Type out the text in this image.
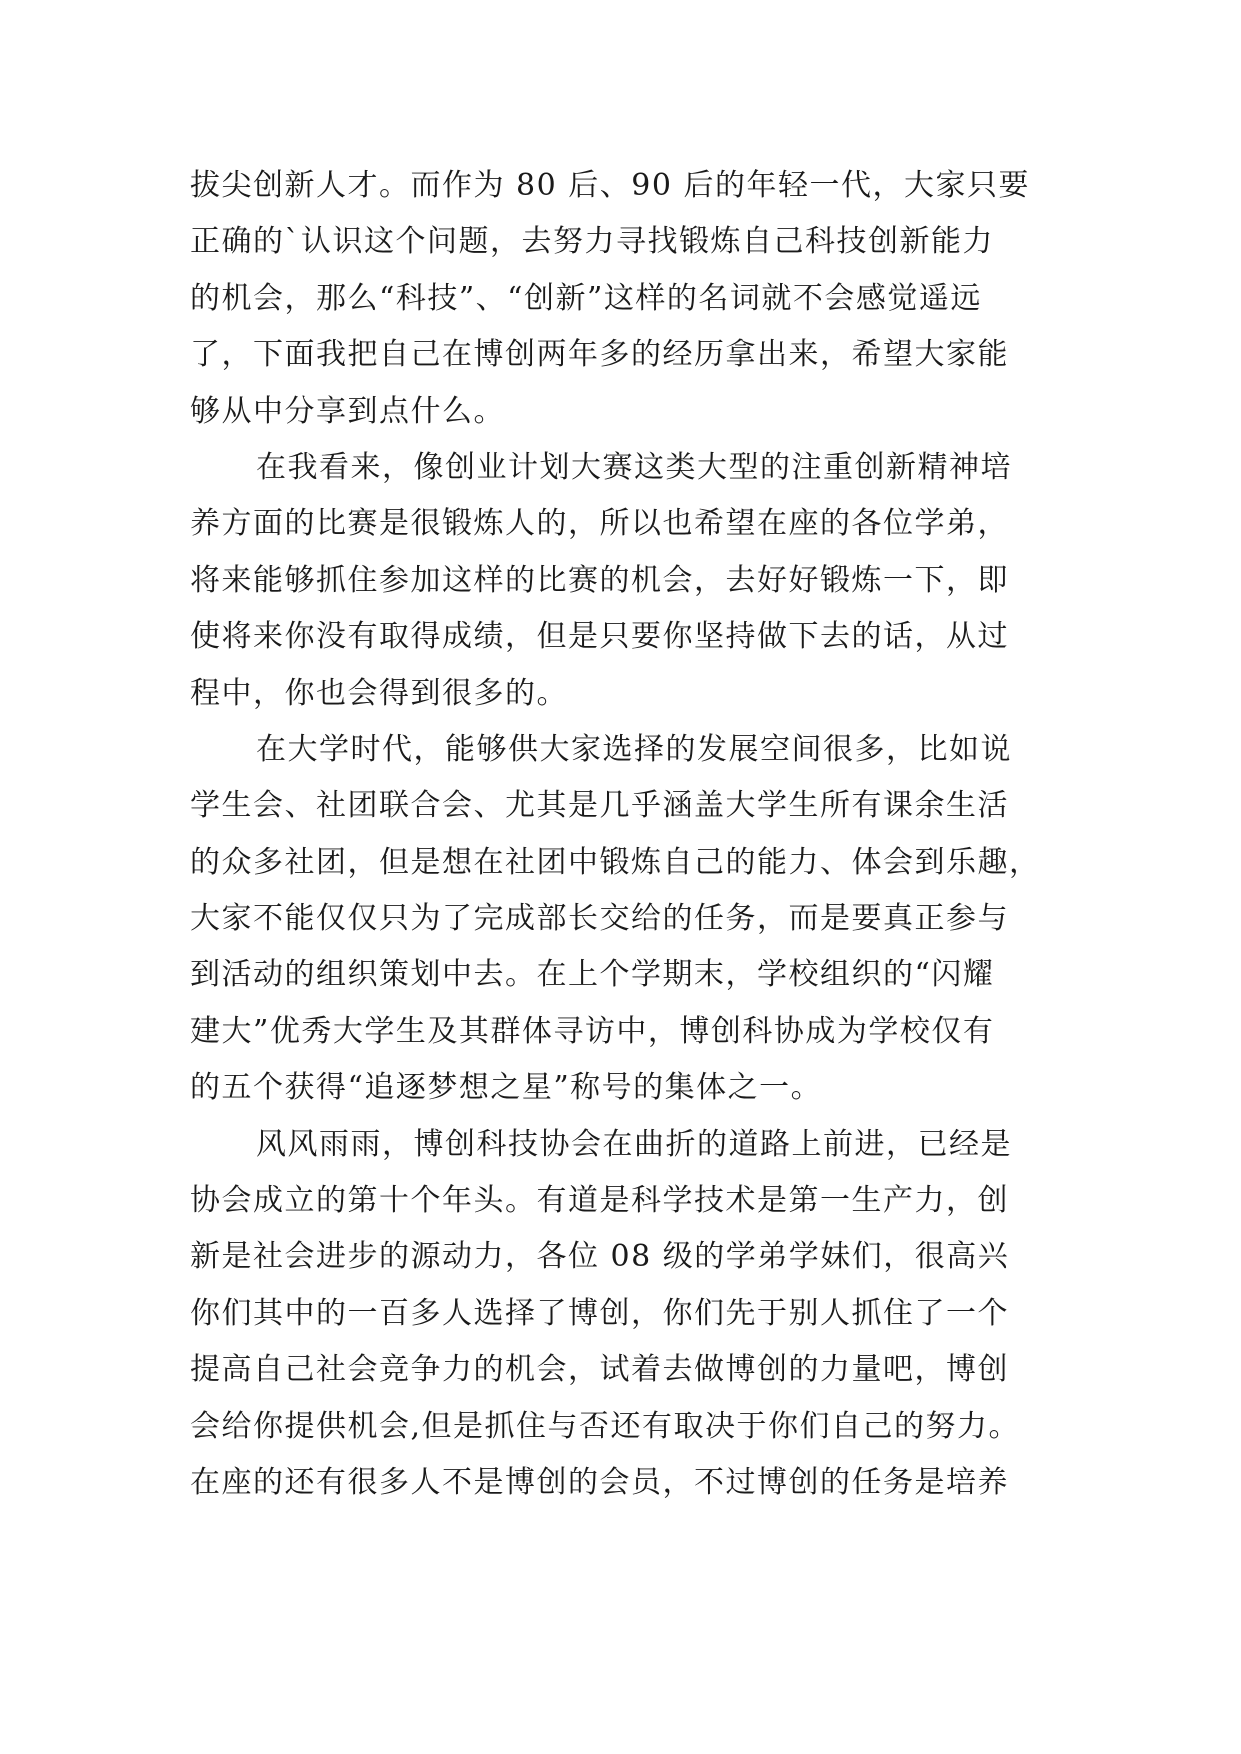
拔尖创新人才。而作为 80 后、90 后的年轻一代，大家只要
正确的`认识这个问题，去努力寻找锻炼自己科技创新能力
的机会，那么“科技”、“创新”这样的名词就不会感觉遥远
了，下面我把自己在博创两年多的经历拿出来，希望大家能
够从中分享到点什么。
在我看来，像创业计划大赛这类大型的注重创新精神培
养方面的比赛是很锻炼人的，所以也希望在座的各位学弟，
将来能够抓住参加这样的比赛的机会，去好好锻炼一下，即
使将来你没有取得成绩，但是只要你坚持做下去的话，从过
程中，你也会得到很多的。
在大学时代，能够供大家选择的发展空间很多，比如说
学生会、社团联合会、尤其是几乎涵盖大学生所有课余生活
的众多社团，但是想在社团中锻炼自己的能力、体会到乐趣，
大家不能仅仅只为了完成部长交给的任务，而是要真正参与
到活动的组织策划中去。在上个学期末，学校组织的“闪耀
建大”优秀大学生及其群体寻访中，博创科协成为学校仅有
的五个获得“追逐梦想之星”称号的集体之一。
风风雨雨，博创科技协会在曲折的道路上前进，已经是
协会成立的第十个年头。有道是科学技术是第一生产力，创
新是社会进步的源动力，各位 08 级的学弟学妹们，很高兴
你们其中的一百多人选择了博创，你们先于别人抓住了一个
提高自己社会竞争力的机会，试着去做博创的力量吧，博创
会给你提供机会,但是抓住与否还有取决于你们自己的努力。
在座的还有很多人不是博创的会员，不过博创的任务是培养
